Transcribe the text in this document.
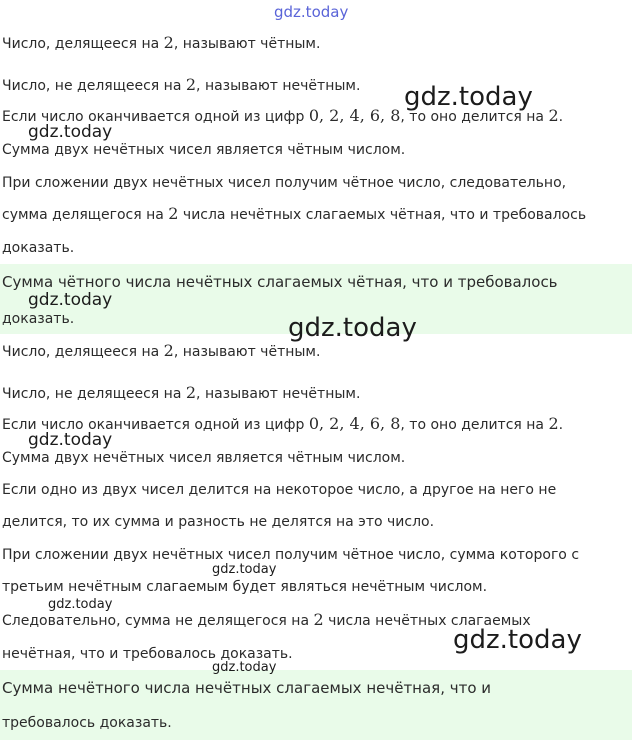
gdz.today
Число, делящееся на 2, называют чётным.
Число, не делящееся на 2, называют нечётным.
Если число оканчивается одной из цифр 0, 2, 4, 6, 8, то оно делится на 2.
Сумма двух нечётных чисел является чётным числом.
При сложении двух нечётных чисел получим чётное число, следовательно,
сумма делящегося на 2 числа нечётных слагаемых чётная, что и требовалось
доказать.
Сумма чётного числа нечётных слагаемых чётная, что и требовалось
доказать.
Число, делящееся на 2, называют чётным.
Число, не делящееся на 2, называют нечётным.
Если число оканчивается одной из цифр 0, 2, 4, 6, 8, то оно делится на 2.
Сумма двух нечётных чисел является чётным числом.
Если одно из двух чисел делится на некоторое число, а другое на него не
делится, то их сумма и разность не делятся на это число.
При сложении двух нечётных чисел получим чётное число, сумма которого с
третьим нечётным слагаемым будет являться нечётным числом.
Следовательно, сумма не делящегося на 2 числа нечётных слагаемых
нечётная, что и требовалось доказать.
Сумма нечётного числа нечётных слагаемых нечётная, что и
требовалось доказать.
gdz.today
gdz.today
gdz.today
gdz.today
gdz.today
gdz.today
gdz.today
gdz.today
gdz.today
